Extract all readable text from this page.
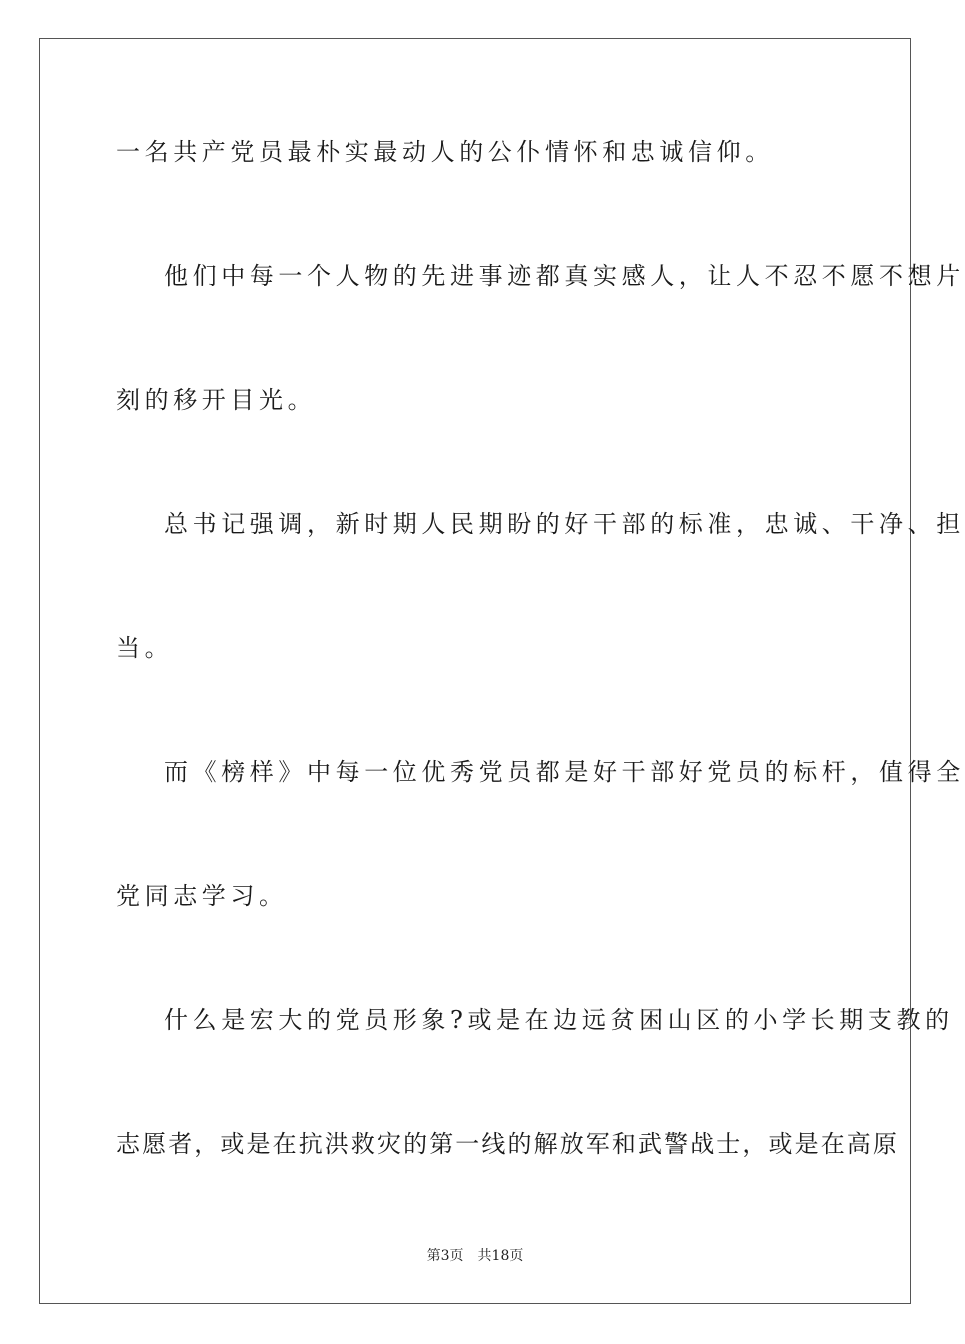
一名共产党员最朴实最动人的公仆情怀和忠诚信仰。
他们中每一个人物的先进事迹都真实感人，让人不忍不愿不想片
刻的移开目光。
总书记强调，新时期人民期盼的好干部的标准，忠诚、干净、担
当。
而《榜样》中每一位优秀党员都是好干部好党员的标杆，值得全
党同志学习。
什么是宏大的党员形象?或是在边远贫困山区的小学长期支教的
志愿者，或是在抗洪救灾的第一线的解放军和武警战士，或是在高原
第3页 共18页
